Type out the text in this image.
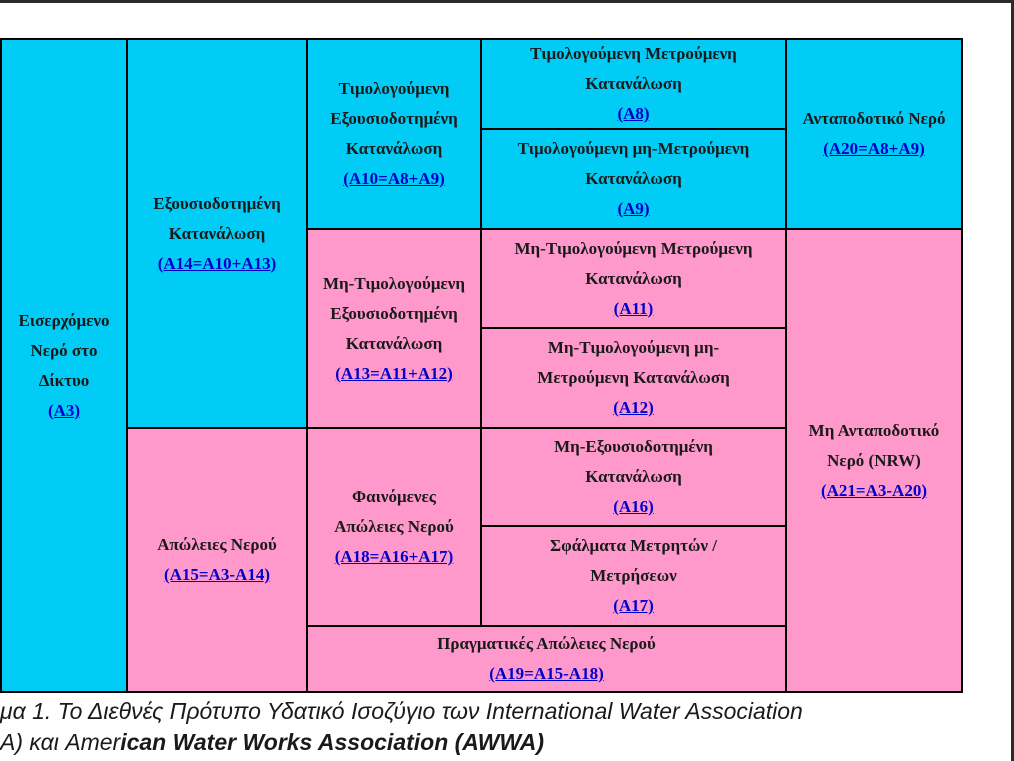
Εισερχόμενο Νερό στο Δίκτυο
(A3)
Εξουσιοδοτημένη Κατανάλωση
(A14=A10+A13)
Απώλειες Νερού
(A15=A3-A14)
Τιμολογούμενη Εξουσιοδοτημένη Κατανάλωση
(A10=A8+A9)
Μη-Τιμολογούμενη Εξουσιοδοτημένη Κατανάλωση
(A13=A11+A12)
Φαινόμενες Απώλειες Νερού
(A18=A16+A17)
Τιμολογούμενη Μετρούμενη Κατανάλωση
(A8)
Τιμολογούμενη μη-Μετρούμενη Κατανάλωση
(A9)
Μη-Τιμολογούμενη Μετρούμενη Κατανάλωση
(A11)
Μη-Τιμολογούμενη μη-Μετρούμενη Κατανάλωση
(A12)
Μη-Εξουσιοδοτημένη Κατανάλωση
(A16)
Σφάλματα Μετρητών / Μετρήσεων
(A17)
Πραγματικές Απώλειες Νερού
(A19=A15-A18)
Ανταποδοτικό Νερό
(A20=A8+A9)
Μη Ανταποδοτικό Νερό (NRW)
(A21=A3-A20)
μα 1. Το Διεθνές Πρότυπο Υδατικό Ισοζύγιο των International Water Association
A) και American Water Works Association (AWWA)
